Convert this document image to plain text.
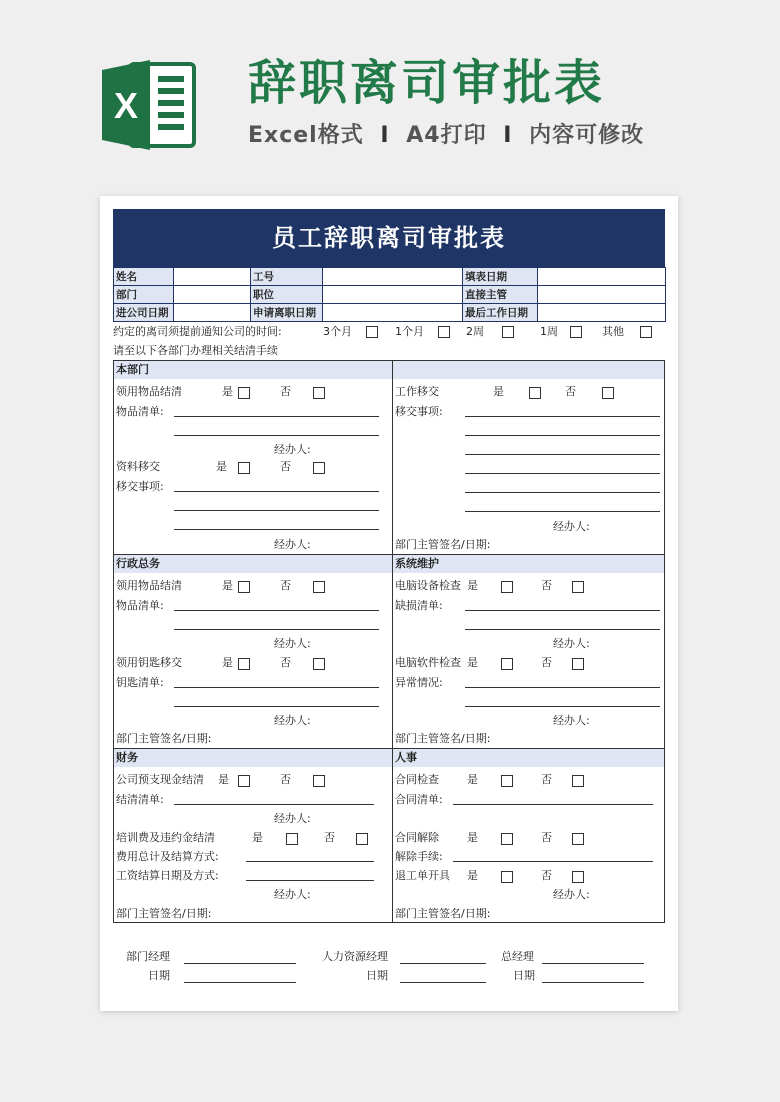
X 辞职离司审批表
Excel格式 I A4打印 I 内容可修改
员工辞职离司审批表
姓名		工号		填表日期	
部门		职位		直接主管	
进公司日期		申请离职日期		最后工作日期	
约定的离司须提前通知公司的时间:	3个月	1个月	2周	1周	其他
请至以下各部门办理相关结清手续
本部门
领用物品结清	是	否
物品清单:
经办人:
资料移交	是	否
移交事项:
经办人:
工作移交	是	否
移交事项:
经办人:
部门主管签名/日期:
行政总务
领用物品结清	是	否
物品清单:
经办人:
领用钥匙移交	是	否
钥匙清单:
经办人:
部门主管签名/日期:
系统维护
电脑设备检查 是	否
缺损清单:
经办人:
电脑软件检查 是	否
异常情况:
经办人:
部门主管签名/日期:
财务
公司预支现金结清 是	否
结清清单:
经办人:
培训费及违约金结清	是	否
费用总计及结算方式:
工资结算日期及方式:
经办人:
部门主管签名/日期:
人事
合同检查	是	否
合同清单:
合同解除	是	否
解除手续:
退工单开具 是	否
经办人:
部门主管签名/日期:
部门经理
日期
人力资源经理
日期
总经理
日期
